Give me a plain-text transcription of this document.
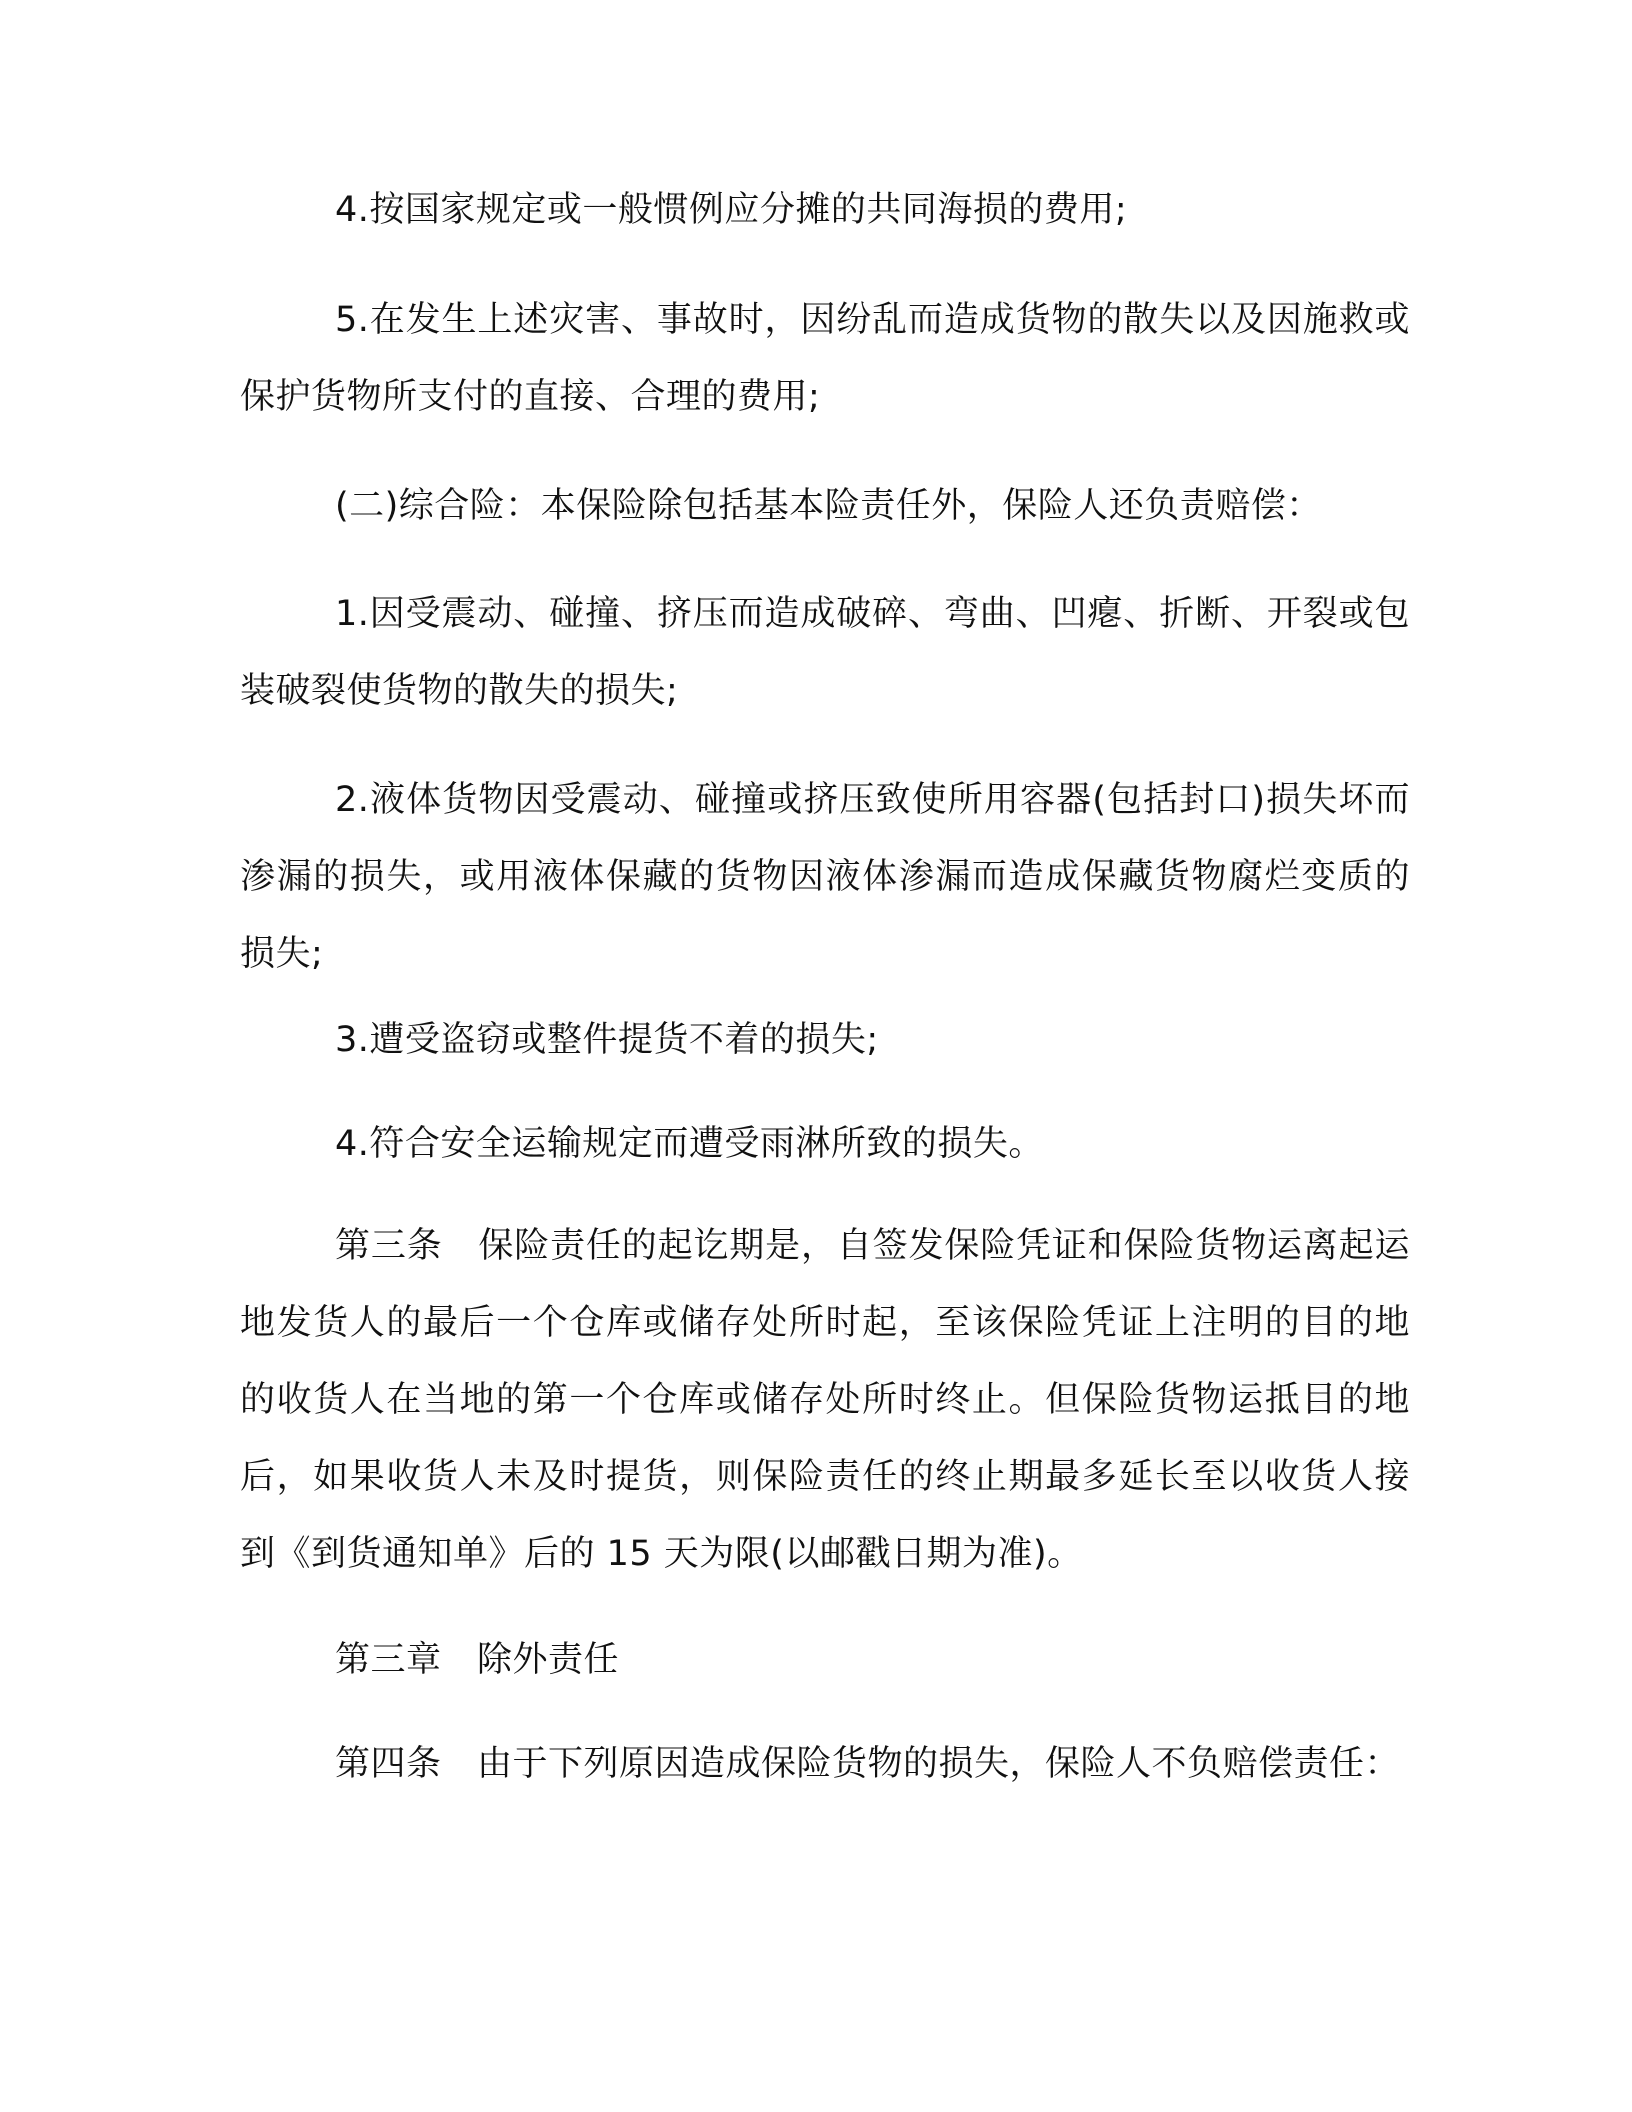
4.按国家规定或一般惯例应分摊的共同海损的费用;

5.在发生上述灾害、事故时，因纷乱而造成货物的散失以及因施救或保护货物所支付的直接、合理的费用;

(二)综合险：本保险除包括基本险责任外，保险人还负责赔偿：

1.因受震动、碰撞、挤压而造成破碎、弯曲、凹瘪、折断、开裂或包装破裂使货物的散失的损失;

2.液体货物因受震动、碰撞或挤压致使所用容器(包括封口)损失坏而渗漏的损失，或用液体保藏的货物因液体渗漏而造成保藏货物腐烂变质的损失;

3.遭受盗窃或整件提货不着的损失;

4.符合安全运输规定而遭受雨淋所致的损失。

第三条　保险责任的起讫期是，自签发保险凭证和保险货物运离起运地发货人的最后一个仓库或储存处所时起，至该保险凭证上注明的目的地的收货人在当地的第一个仓库或储存处所时终止。但保险货物运抵目的地后，如果收货人未及时提货，则保险责任的终止期最多延长至以收货人接到《到货通知单》后的 15 天为限(以邮戳日期为准)。

第三章　除外责任

第四条　由于下列原因造成保险货物的损失，保险人不负赔偿责任：
